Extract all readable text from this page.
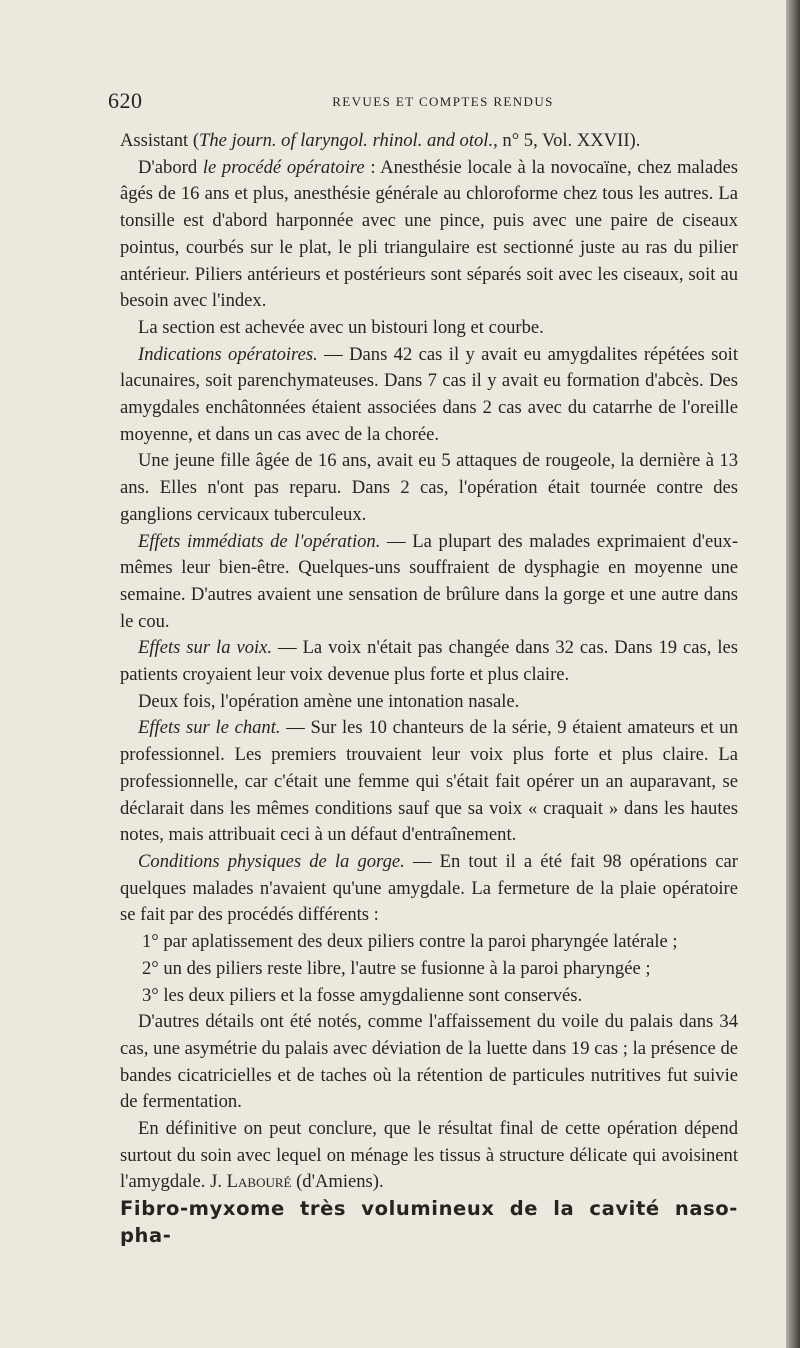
620	REVUES ET COMPTES RENDUS

Assistant (The journ. of laryngol. rhinol. and otol., n° 5, Vol. XXVII).

D'abord le procédé opératoire : Anesthésie locale à la novocaïne, chez malades âgés de 16 ans et plus, anesthésie générale au chloroforme chez tous les autres. La tonsille est d'abord harponnée avec une pince, puis avec une paire de ciseaux pointus, courbés sur le plat, le pli triangulaire est sectionné juste au ras du pilier antérieur. Piliers antérieurs et postérieurs sont séparés soit avec les ciseaux, soit au besoin avec l'index.

La section est achevée avec un bistouri long et courbe.

Indications opératoires. — Dans 42 cas il y avait eu amygdalites répétées soit lacunaires, soit parenchymateuses. Dans 7 cas il y avait eu formation d'abcès. Des amygdales enchâtonnées étaient associées dans 2 cas avec du catarrhe de l'oreille moyenne, et dans un cas avec de la chorée.

Une jeune fille âgée de 16 ans, avait eu 5 attaques de rougeole, la dernière à 13 ans. Elles n'ont pas reparu. Dans 2 cas, l'opération était tournée contre des ganglions cervicaux tuberculeux.

Effets immédiats de l'opération. — La plupart des malades exprimaient d'eux-mêmes leur bien-être. Quelques-uns souffraient de dysphagie en moyenne une semaine. D'autres avaient une sensation de brûlure dans la gorge et une autre dans le cou.

Effets sur la voix. — La voix n'était pas changée dans 32 cas. Dans 19 cas, les patients croyaient leur voix devenue plus forte et plus claire.

Deux fois, l'opération amène une intonation nasale.

Effets sur le chant. — Sur les 10 chanteurs de la série, 9 étaient amateurs et un professionnel. Les premiers trouvaient leur voix plus forte et plus claire. La professionnelle, car c'était une femme qui s'était fait opérer un an auparavant, se déclarait dans les mêmes conditions sauf que sa voix « craquait » dans les hautes notes, mais attribuait ceci à un défaut d'entraînement.

Conditions physiques de la gorge. — En tout il a été fait 98 opérations car quelques malades n'avaient qu'une amygdale. La fermeture de la plaie opératoire se fait par des procédés différents :

1° par aplatissement des deux piliers contre la paroi pharyngée latérale ;

2° un des piliers reste libre, l'autre se fusionne à la paroi pharyngée ;

3° les deux piliers et la fosse amygdalienne sont conservés.

D'autres détails ont été notés, comme l'affaissement du voile du palais dans 34 cas, une asymétrie du palais avec déviation de la luette dans 19 cas ; la présence de bandes cicatricielles et de taches où la rétention de particules nutritives fut suivie de fermentation.

En définitive on peut conclure, que le résultat final de cette opération dépend surtout du soin avec lequel on ménage les tissus à structure délicate qui avoisinent l'amygdale. J. Labouré (d'Amiens).

Fibro-myxome très volumineux de la cavité naso-pha-
